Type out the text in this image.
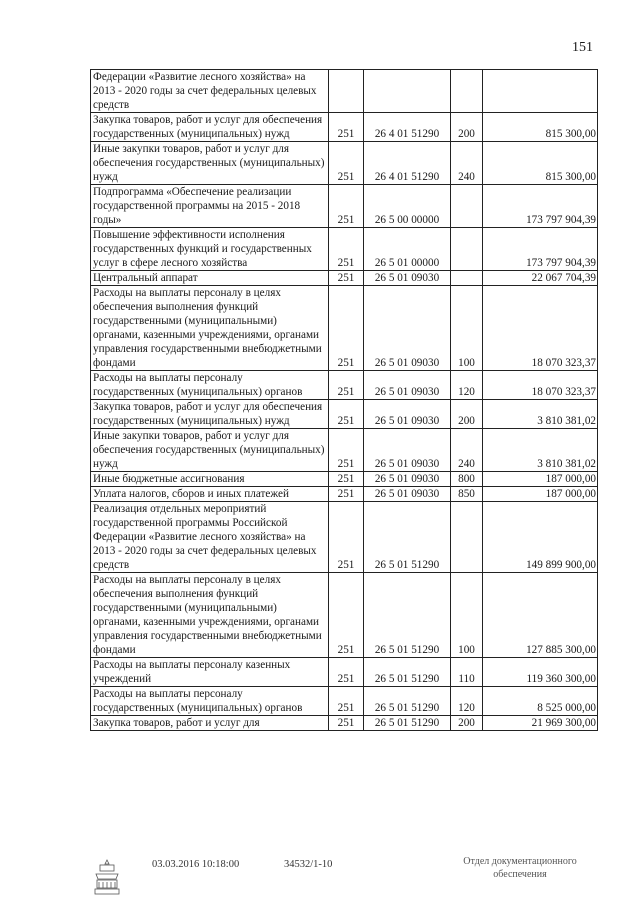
151
Федерации «Развитие лесного хозяйства» на 2013 - 2020 годы за счет федеральных целевых средств				
Закупка товаров, работ и услуг для обеспечения государственных (муниципальных) нужд	251	26 4 01 51290	200	815 300,00
Иные закупки товаров, работ и услуг для обеспечения государственных (муниципальных) нужд	251	26 4 01 51290	240	815 300,00
Подпрограмма «Обеспечение реализации государственной программы на 2015 - 2018 годы»	251	26 5 00 00000		173 797 904,39
Повышение эффективности исполнения государственных функций и государственных услуг в сфере лесного хозяйства	251	26 5 01 00000		173 797 904,39
Центральный аппарат	251	26 5 01 09030		22 067 704,39
Расходы на выплаты персоналу в целях обеспечения выполнения функций государственными (муниципальными) органами, казенными учреждениями, органами управления государственными внебюджетными фондами	251	26 5 01 09030	100	18 070 323,37
Расходы на выплаты персоналу государственных (муниципальных) органов	251	26 5 01 09030	120	18 070 323,37
Закупка товаров, работ и услуг для обеспечения государственных (муниципальных) нужд	251	26 5 01 09030	200	3 810 381,02
Иные закупки товаров, работ и услуг для обеспечения государственных (муниципальных) нужд	251	26 5 01 09030	240	3 810 381,02
Иные бюджетные ассигнования	251	26 5 01 09030	800	187 000,00
Уплата налогов, сборов и иных платежей	251	26 5 01 09030	850	187 000,00
Реализация отдельных мероприятий государственной программы Российской Федерации «Развитие лесного хозяйства» на 2013 - 2020 годы за счет федеральных целевых средств	251	26 5 01 51290		149 899 900,00
Расходы на выплаты персоналу в целях обеспечения выполнения функций государственными (муниципальными) органами, казенными учреждениями, органами управления государственными внебюджетными фондами	251	26 5 01 51290	100	127 885 300,00
Расходы на выплаты персоналу казенных учреждений	251	26 5 01 51290	110	119 360 300,00
Расходы на выплаты персоналу государственных (муниципальных) органов	251	26 5 01 51290	120	8 525 000,00
Закупка товаров, работ и услуг для	251	26 5 01 51290	200	21 969 300,00
03.03.2016 10:18:00	34532/1-10	Отдел документационного
обеспечения
